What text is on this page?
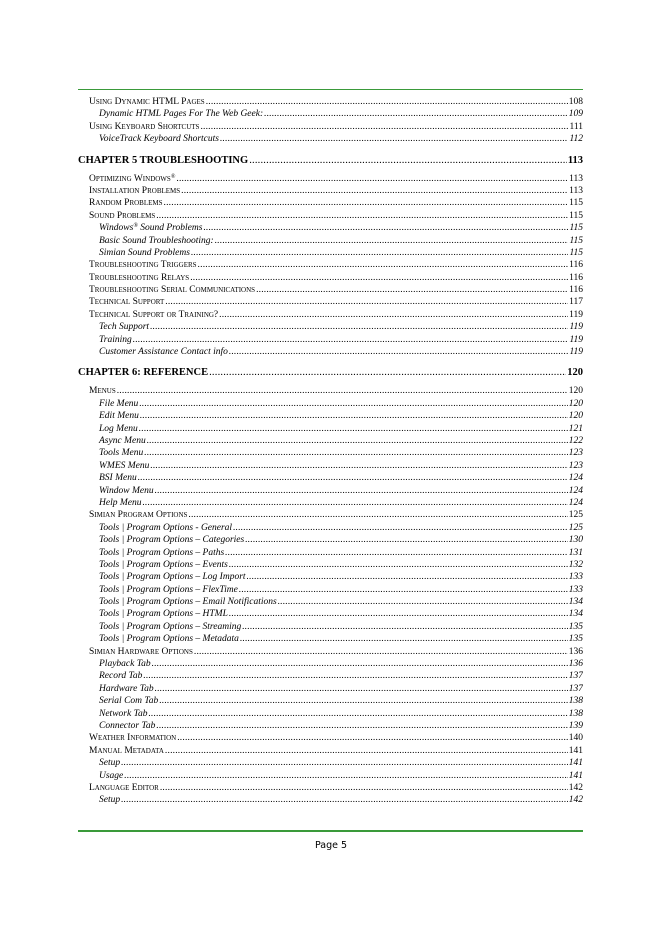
Using Dynamic HTML Pages .....	108
Dynamic HTML Pages For The Web Geek: .....	109
Using Keyboard Shortcuts .....	111
VoiceTrack Keyboard Shortcuts .....	112
CHAPTER 5 TROUBLESHOOTING .....	113
Optimizing Windows® .....	113
Installation Problems .....	113
Random Problems .....	115
Sound Problems .....	115
Windows® Sound Problems .....	115
Basic Sound Troubleshooting: .....	115
Simian Sound Problems .....	115
Troubleshooting Triggers .....	116
Troubleshooting Relays .....	116
Troubleshooting Serial Communications .....	116
Technical Support .....	117
Technical Support or Training? .....	119
Tech Support .....	119
Training .....	119
Customer Assistance Contact info .....	119
CHAPTER 6: REFERENCE .....	120
Menus .....	120
File Menu .....	120
Edit Menu .....	120
Log Menu .....	121
Async Menu .....	122
Tools Menu .....	123
WMES Menu .....	123
BSI Menu .....	124
Window Menu .....	124
Help Menu .....	124
Simian Program Options .....	125
Tools | Program Options - General .....	125
Tools | Program Options – Categories .....	130
Tools | Program Options – Paths .....	131
Tools | Program Options – Events .....	132
Tools | Program Options – Log Import .....	133
Tools | Program Options – FlexTime .....	133
Tools | Program Options – Email Notifications .....	134
Tools | Program Options – HTML .....	134
Tools | Program Options – Streaming .....	135
Tools | Program Options – Metadata .....	135
Simian Hardware Options .....	136
Playback Tab .....	136
Record Tab .....	137
Hardware Tab .....	137
Serial Com Tab .....	138
Network Tab .....	138
Connector Tab .....	139
Weather Information .....	140
Manual Metadata .....	141
Setup .....	141
Usage .....	141
Language Editor .....	142
Setup .....	142
Page 5
